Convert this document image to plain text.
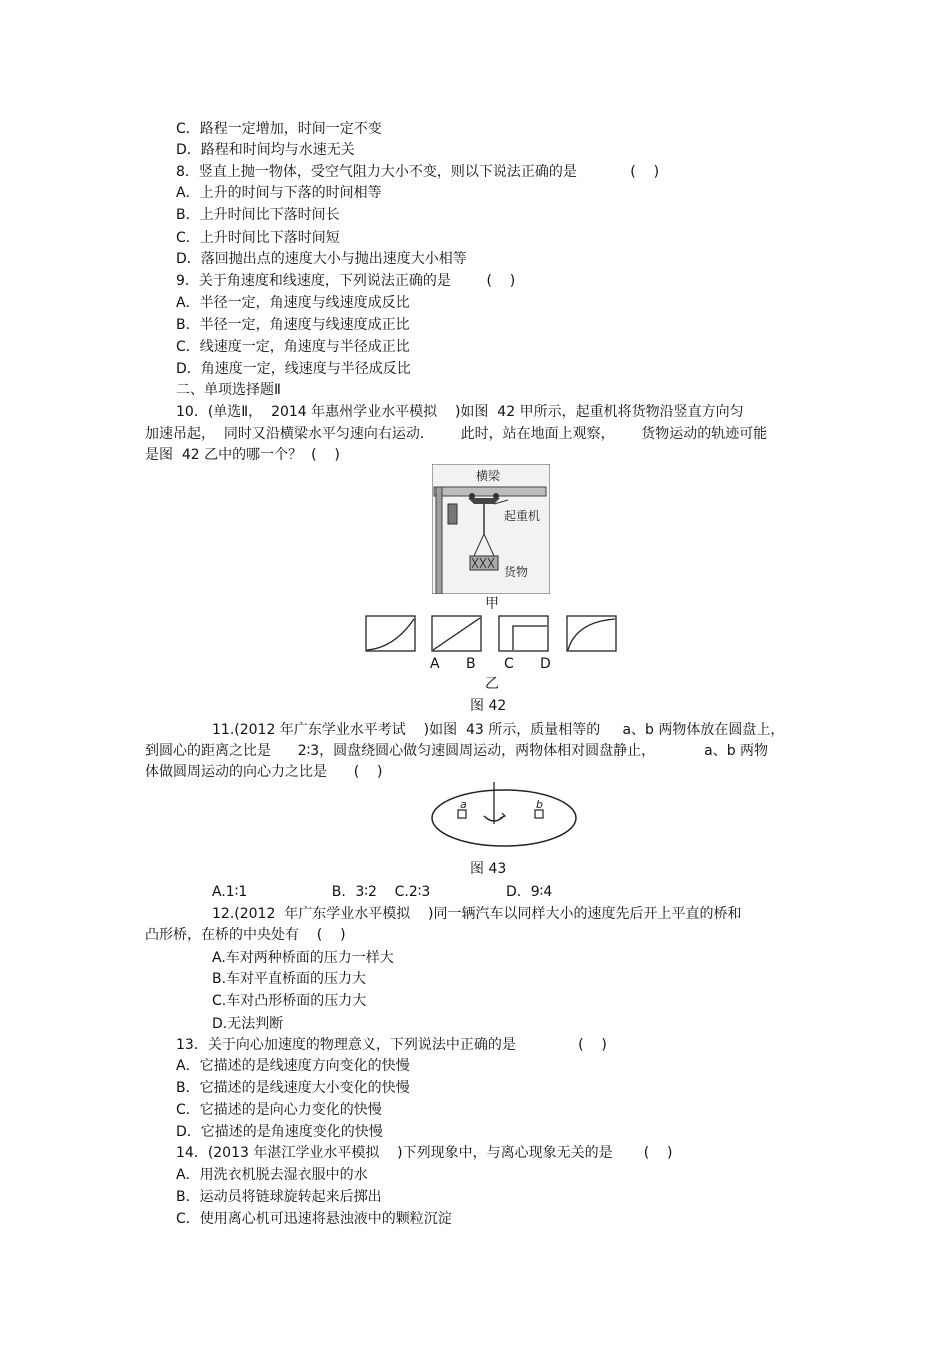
C．路程一定增加，时间一定不变
D．路程和时间均与水速无关
8．竖直上抛一物体，受空气阻力大小不变，则以下说法正确的是            (    )
A．上升的时间与下落的时间相等
B．上升时间比下落时间长
C．上升时间比下落时间短
D．落回抛出点的速度大小与抛出速度大小相等
9．关于角速度和线速度，下列说法正确的是        (    )
A．半径一定，角速度与线速度成反比
B．半径一定，角速度与线速度成正比
C．线速度一定，角速度与半径成正比
D．角速度一定，线速度与半径成反比
二、单项选择题Ⅱ
10．(单选Ⅱ，  2014 年惠州学业水平模拟    )如图  42 甲所示，起重机将货物沿竖直方向匀
加速吊起，  同时又沿横梁水平匀速向右运动．      此时，站在地面上观察，      货物运动的轨迹可能
是图  42 乙中的哪一个？  (    )
横梁
起重机
货物
甲
A B C D
乙
图 42
11.(2012 年广东学业水平考试    )如图  43 所示，质量相等的     a、b 两物体放在圆盘上，
到圆心的距离之比是      2∶3，圆盘绕圆心做匀速圆周运动，两物体相对圆盘静止，           a、b 两物
体做圆周运动的向心力之比是      (    )
a	b
图 43
A.1∶1                   B．3∶2    C.2∶3                 D．9∶4
12.(2012  年广东学业水平模拟    )同一辆汽车以同样大小的速度先后开上平直的桥和
凸形桥，在桥的中央处有    (    )
A.车对两种桥面的压力一样大
B.车对平直桥面的压力大
C.车对凸形桥面的压力大
D.无法判断
13．关于向心加速度的物理意义，下列说法中正确的是              (    )
A．它描述的是线速度方向变化的快慢
B．它描述的是线速度大小变化的快慢
C．它描述的是向心力变化的快慢
D．它描述的是角速度变化的快慢
14．(2013 年湛江学业水平模拟    )下列现象中，与离心现象无关的是       (    )
A．用洗衣机脱去湿衣服中的水
B．运动员将链球旋转起来后掷出
C．使用离心机可迅速将悬浊液中的颗粒沉淀
